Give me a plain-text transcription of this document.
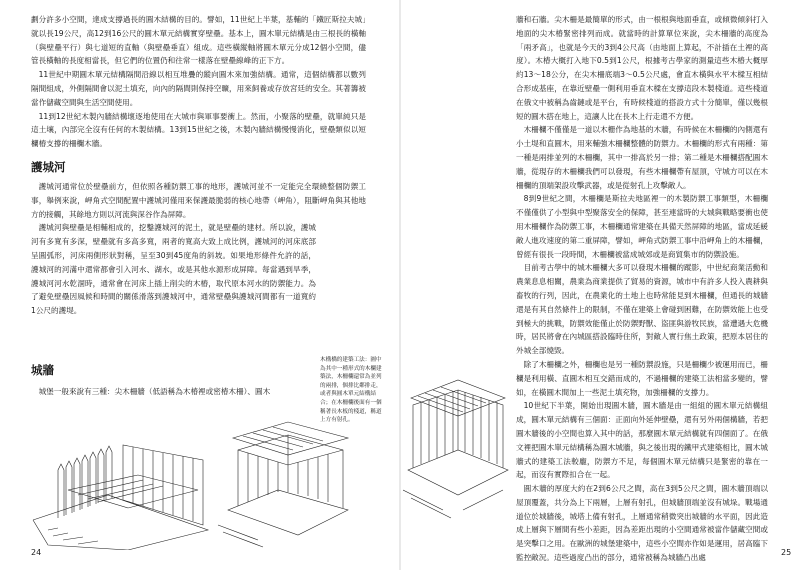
劃分許多小空間，達成支撐過長的圓木結構的目的。譬如，11世紀上半葉，基輔的「鐵匠斯拉夫城」就以長19公尺，高12到16公尺的圓木單元結構實穿壁壘。基本上，圓木單元結構是由三根長的橫軸（與壁壘平行）與七道短的直軸（與壁壘垂直）組成。這些橫縱軸將圓木單元分成12個小空間，儘管長橫軸的長度相當長，但它們的位置仍和往常一樣落在壁壘線峰的正下方。

11世紀中期圓木單元結構隔間沿線以相互堆疊的縱向圓木來加強結構。通常，這個結構都以數列隔間組成，外側隔間會以泥土填充，向內的隔間則保持空曠，用來飼養或存放宮廷的安全。其著籌被當作儲藏空間與生活空間使用。

11到12世紀木製內牆結構壞逐地使用在大城市與軍事要衝上。然而，小聚落的壁壘，就單純只是這土壤，內部完全沒有任何的木製結構。13到15世紀之後，木製內牆結構慢慢消化，壁壘類似以短欄樁支撐的柵欄木牆。

護城河

護城河通常位於壁壘前方，但依照各種防禦工事的地形，護城河並不一定能完全環繞整個防禦工事，舉例來說，岬角式空間配置中護城河僅用來保護最脆弱的核心地帶（岬角），阻斷岬角與其他地方的接觸，其餘地方則以河流與深谷作為屏障。

護城河與壁壘是相輔相成的，挖鑿護城河的泥土，就是壁壘的建材。所以說，護城河有多寬有多深，壁壘就有多高多寬，兩者的寬高大致上成比例，護城河的河床底部呈圓弧形，河床兩側形狀對稱，呈至30到45度角的斜坡。如果地形條件允許的話，護城河的河滿中還常都會引入河水、湖水，或是其他水源形成屏障。每當遇到旱季，護城河河水乾涸時，通常會在河床上插上削尖的木樁，取代原本河水的防禦能力。為了避免壁壘因風候和時間的關係滑落到護城河中，通常壁壘與護城河間都有一道寬約1公尺的護堤。

城牆

城堡一般來說有三種：尖木柵牆（低語稱為木椿裡或密椿木柵）、圓木

木構橋的建築工法：圖中為其中一種形式的木欄建築法，木柵欄還常為並列的兩排，個排比鄰排走，或者與圓木單元結構結合；在木柵欄後面有一個稱著長木板的棧道，稱道上方有射孔。
24

牆和石牆。尖木柵是最簡單的形式，由一根根與地面垂直，或傾微傾斜打入地面的尖木椿緊密排列而成。就當時的計算單位來說，尖木柵牆的高度為「兩矛高」，也就是今天的3到4公尺高（由地面上算起，不計插在土裡的高度）。木椿大概打入地下0.5到1公尺，根據考古學家的測量這些木椿大概厚約13～18公分，在尖木柵底端3～0.5公尺處，會直木橫與水平木樑互相結合形成基座，在靠近壁壘一側利用垂直木樑在支撐這段木製棧道。這些棧道在俄文中被稱為齒鏈或是平台，有時候棧道的搭設方式十分簡單，僅以幾根短的圓木搭在地上，這讓人比在長木上行走還不方便。

木柵欄不僅僅是一道以木栅作為地基的木牆，有時候在木柵欄的內側還有小土堤和直圓木，用來輔強木柵欄整體的防禦力。木柵欄的形式有兩種：第一種是兩排並列的木柵欄，其中一排高於另一排；第二種是木柵欄搭配圓木牆，從現存的木柵欄我們可以發現，有些木柵欄帶有屋頂，守城方可以在木柵欄的頂端架設攻擊武器，或是從射孔上攻擊敵人。

8到9世紀之間，木柵欄是斯拉夫地區裡一的木製防禦工事類型，木柵欄不僅僅供了小型與中型聚落安全的保障，甚至連當時的大城與戰略要衝也使用木柵欄作為防禦工事，木柵欄通常建築在具備天然屏障的地區，當成延緩敵人進攻速度的第二重屏障，譬如，岬角式防禦工事中沿岬角上的木柵欄，曾經有很長一段時間，木柵欄被當成城郊或是商貿集市的防禦設施。

目前考古學中的城木柵欄大多可以發現木柵欄的蹤影，中世紀商業活動和農業息息相關，農業為商業提供了貿易的資源，城市中有許多人投入農耕與畜牧的行列，因此，在農業化的土地上也時常能見到木柵欄，但通長的城牆還是有其自然條件上的限制，不僅在建築上會碰到困難，在防禦效能上也受到極大的挑戰，防禦效能僅止於防禦野獸、盜匪與游牧民族，當遭遇大危機時，居民將會在內城區搭設臨時住所，對敵人實行焦土政策，把原本居住的外城全部燒毀。

除了木柵欄之外，柵欄也是另一種防禦設施，只是柵欄少被運用而已，柵欄是利用橫、直圓木相互交錯而成的，不過柵欄的建築工法相當多變的，譬如，在橫圓木間加上一些泥土填充物，加強柵欄的支撐力。

10世紀下半葉，開始出現圓木牆，圓木牆是由一組組的圓木單元結構組成，圓木單元結構有三個面：正面向外延伸壁壘，還有另外兩個構牆，若把圓木牆後的小空間也算入其中的話，那麼圓木單元結構就有四個面了。在俄文裡把圓木單元結構稱為圓木城牆，與之後出現的鐵甲式建築相比，圓木城牆式的建築工法較龐，防禦方不足，每個圓木單元結構只是緊密的靠在一起，而沒有實際扣合在一起。

圓木牆的厚度大約在2到6公尺之間，高在3到5公尺之間，圓木牆頂端以屋頂覆蓋，共分為上下兩層，上層有射孔，但城牆頂端並沒有城垛。戰場通道位於城牆後，城塔上備有射孔，上層通常稍微突出城牆的水平面，因此造成上層與下層間有些小差距，因為差距出現的小空間通常被當作儲藏空間或是突擊口之用。在歐洲的城堡建築中，這些小空間亦作如是運用，居高臨下監控敵況。這些過度凸出的部分，通常被稱為城牆凸出處

25
